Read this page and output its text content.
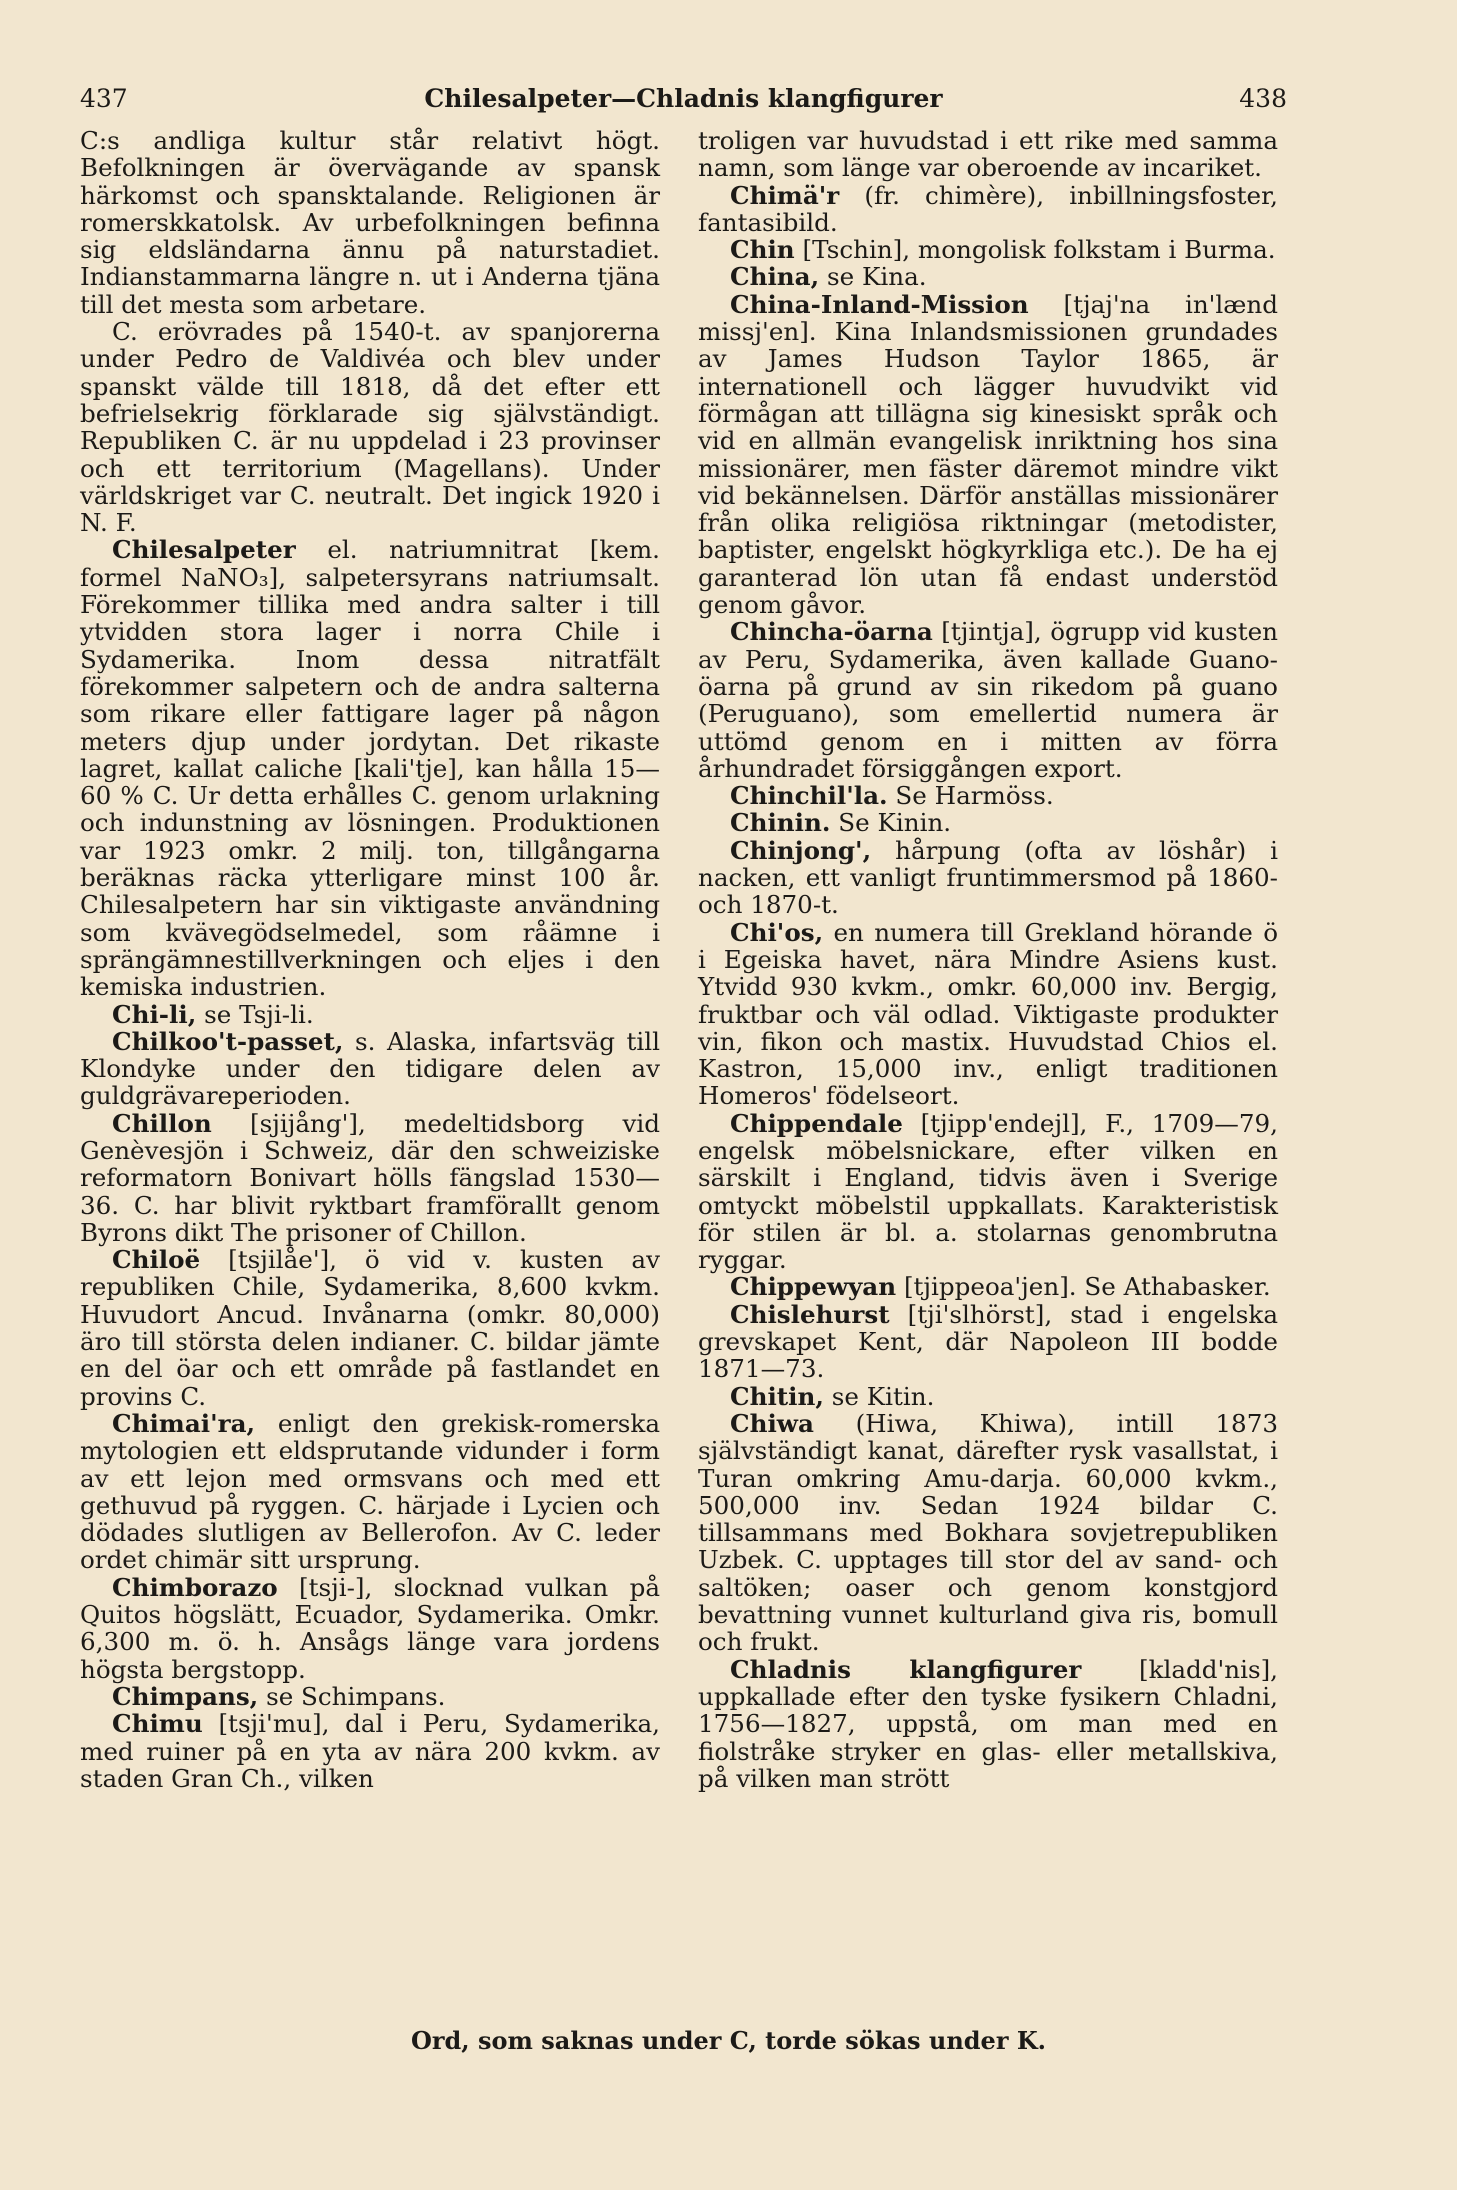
437	Chilesalpeter—Chladnis klangfigurer	438

C:s andliga kultur står relativt högt. Befolkningen är övervägande av spansk härkomst och spansktalande. Religionen är romerskkatolsk. Av urbefolkningen befinna sig eldsländarna ännu på naturstadiet. Indianstammarna längre n. ut i Anderna tjäna till det mesta som arbetare.

C. erövrades på 1540-t. av spanjorerna under Pedro de Valdivéa och blev under spanskt välde till 1818, då det efter ett befrielsekrig förklarade sig självständigt. Republiken C. är nu uppdelad i 23 provinser och ett territorium (Magellans). Under världskriget var C. neutralt. Det ingick 1920 i N. F.

Chilesalpeter el. natriumnitrat [kem. formel NaNO₃], salpetersyrans natriumsalt. Förekommer tillika med andra salter i till ytvidden stora lager i norra Chile i Sydamerika. Inom dessa nitratfält förekommer salpetern och de andra salterna som rikare eller fattigare lager på någon meters djup under jordytan. Det rikaste lagret, kallat caliche [kali'tje], kan hålla 15—60 % C. Ur detta erhålles C. genom urlakning och indunstning av lösningen. Produktionen var 1923 omkr. 2 milj. ton, tillgångarna beräknas räcka ytterligare minst 100 år. Chilesalpetern har sin viktigaste användning som kvävegödselmedel, som råämne i sprängämnestillverkningen och eljes i den kemiska industrien.

Chi-li, se Tsji-li.

Chilkoo't-passet, s. Alaska, infartsväg till Klondyke under den tidigare delen av guldgrävareperioden.

Chillon [sjijång'], medeltidsborg vid Genèvesjön i Schweiz, där den schweiziske reformatorn Bonivart hölls fängslad 1530—36. C. har blivit ryktbart framförallt genom Byrons dikt The prisoner of Chillon.

Chiloë [tsjilåe'], ö vid v. kusten av republiken Chile, Sydamerika, 8,600 kvkm. Huvudort Ancud. Invånarna (omkr. 80,000) äro till största delen indianer. C. bildar jämte en del öar och ett område på fastlandet en provins C.

Chimai'ra, enligt den grekisk-romerska mytologien ett eldsprutande vidunder i form av ett lejon med ormsvans och med ett gethuvud på ryggen. C. härjade i Lycien och dödades slutligen av Bellerofon. Av C. leder ordet chimär sitt ursprung.

Chimborazo [tsji-], slocknad vulkan på Quitos högslätt, Ecuador, Sydamerika. Omkr. 6,300 m. ö. h. Ansågs länge vara jordens högsta bergstopp.

Chimpans, se Schimpans.

Chimu [tsji'mu], dal i Peru, Sydamerika, med ruiner på en yta av nära 200 kvkm. av staden Gran Ch., vilken

troligen var huvudstad i ett rike med samma namn, som länge var oberoende av incariket.

Chimä'r (fr. chimère), inbillningsfoster, fantasibild.

Chin [Tschin], mongolisk folkstam i Burma.

China, se Kina.

China-Inland-Mission [tjaj'na in'lænd missj'en]. Kina Inlandsmissionen grundades av James Hudson Taylor 1865, är internationell och lägger huvudvikt vid förmågan att tillägna sig kinesiskt språk och vid en allmän evangelisk inriktning hos sina missionärer, men fäster däremot mindre vikt vid bekännelsen. Därför anställas missionärer från olika religiösa riktningar (metodister, baptister, engelskt högkyrkliga etc.). De ha ej garanterad lön utan få endast understöd genom gåvor.

Chincha-öarna [tjintja], ögrupp vid kusten av Peru, Sydamerika, även kallade Guano-öarna på grund av sin rikedom på guano (Peruguano), som emellertid numera är uttömd genom en i mitten av förra århundradet försiggången export.

Chinchil'la. Se Harmöss.

Chinin. Se Kinin.

Chinjong', hårpung (ofta av löshår) i nacken, ett vanligt fruntimmersmod på 1860- och 1870-t.

Chi'os, en numera till Grekland hörande ö i Egeiska havet, nära Mindre Asiens kust. Ytvidd 930 kvkm., omkr. 60,000 inv. Bergig, fruktbar och väl odlad. Viktigaste produkter vin, fikon och mastix. Huvudstad Chios el. Kastron, 15,000 inv., enligt traditionen Homeros' födelseort.

Chippendale [tjipp'endejl], F., 1709—79, engelsk möbelsnickare, efter vilken en särskilt i England, tidvis även i Sverige omtyckt möbelstil uppkallats. Karakteristisk för stilen är bl. a. stolarnas genombrutna ryggar.

Chippewyan [tjippeoa'jen]. Se Athabasker.

Chislehurst [tji'slhörst], stad i engelska grevskapet Kent, där Napoleon III bodde 1871—73.

Chitin, se Kitin.

Chiwa (Hiwa, Khiwa), intill 1873 självständigt kanat, därefter rysk vasallstat, i Turan omkring Amu-darja. 60,000 kvkm., 500,000 inv. Sedan 1924 bildar C. tillsammans med Bokhara sovjetrepubliken Uzbek. C. upptages till stor del av sand- och saltöken; oaser och genom konstgjord bevattning vunnet kulturland giva ris, bomull och frukt.

Chladnis klangfigurer [kladd'nis], uppkallade efter den tyske fysikern Chladni, 1756—1827, uppstå, om man med en fiolstråke stryker en glas- eller metallskiva, på vilken man strött

Ord, som saknas under C, torde sökas under K.
